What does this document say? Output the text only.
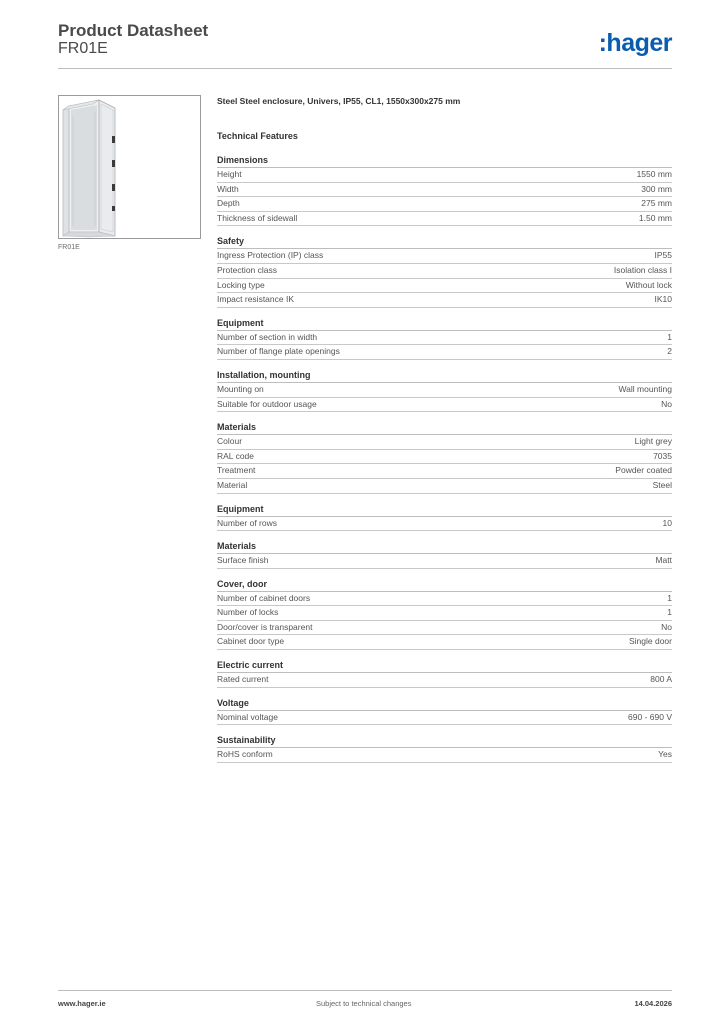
Product Datasheet
FR01E	:hager
FR01E
Steel Steel enclosure, Univers, IP55, CL1, 1550x300x275 mm
Technical Features
Dimensions
Height	1550 mm
Width	300 mm
Depth	275 mm
Thickness of sidewall	1.50 mm
Safety
Ingress Protection (IP) class	IP55
Protection class	Isolation class I
Locking type	Without lock
Impact resistance IK	IK10
Equipment
Number of section in width	1
Number of flange plate openings	2
Installation, mounting
Mounting on	Wall mounting
Suitable for outdoor usage	No
Materials
Colour	Light grey
RAL code	7035
Treatment	Powder coated
Material	Steel
Equipment
Number of rows	10
Materials
Surface finish	Matt
Cover, door
Number of cabinet doors	1
Number of locks	1
Door/cover is transparent	No
Cabinet door type	Single door
Electric current
Rated current	800 A
Voltage
Nominal voltage	690 - 690 V
Sustainability
RoHS conform	Yes
www.hager.ie	Subject to technical changes	14.04.2026
